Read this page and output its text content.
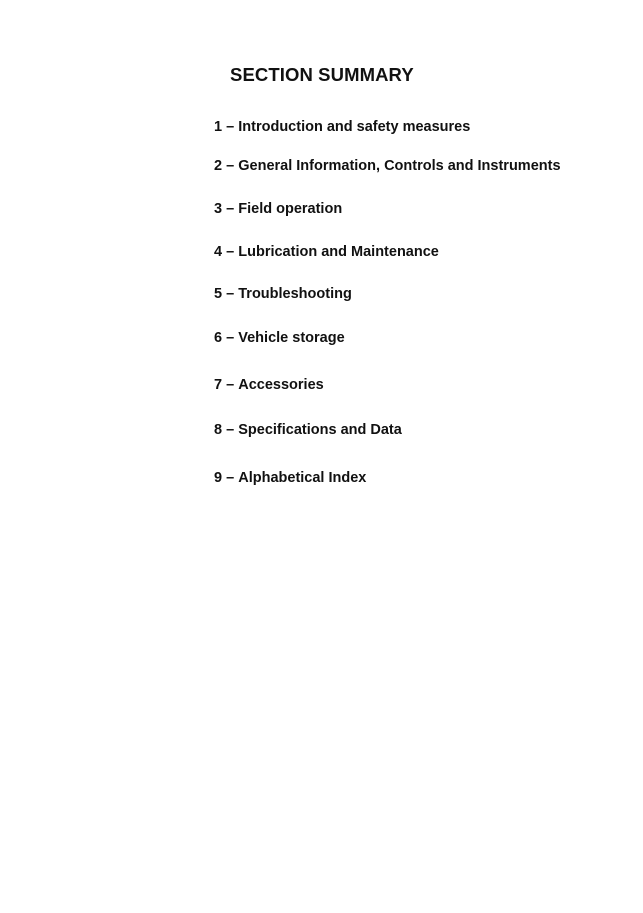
SECTION SUMMARY
1 – Introduction and safety measures
2 – General Information, Controls and Instruments
3 – Field operation
4 – Lubrication and Maintenance
5 – Troubleshooting
6 – Vehicle storage
7 – Accessories
8 – Specifications and Data
9 – Alphabetical Index
